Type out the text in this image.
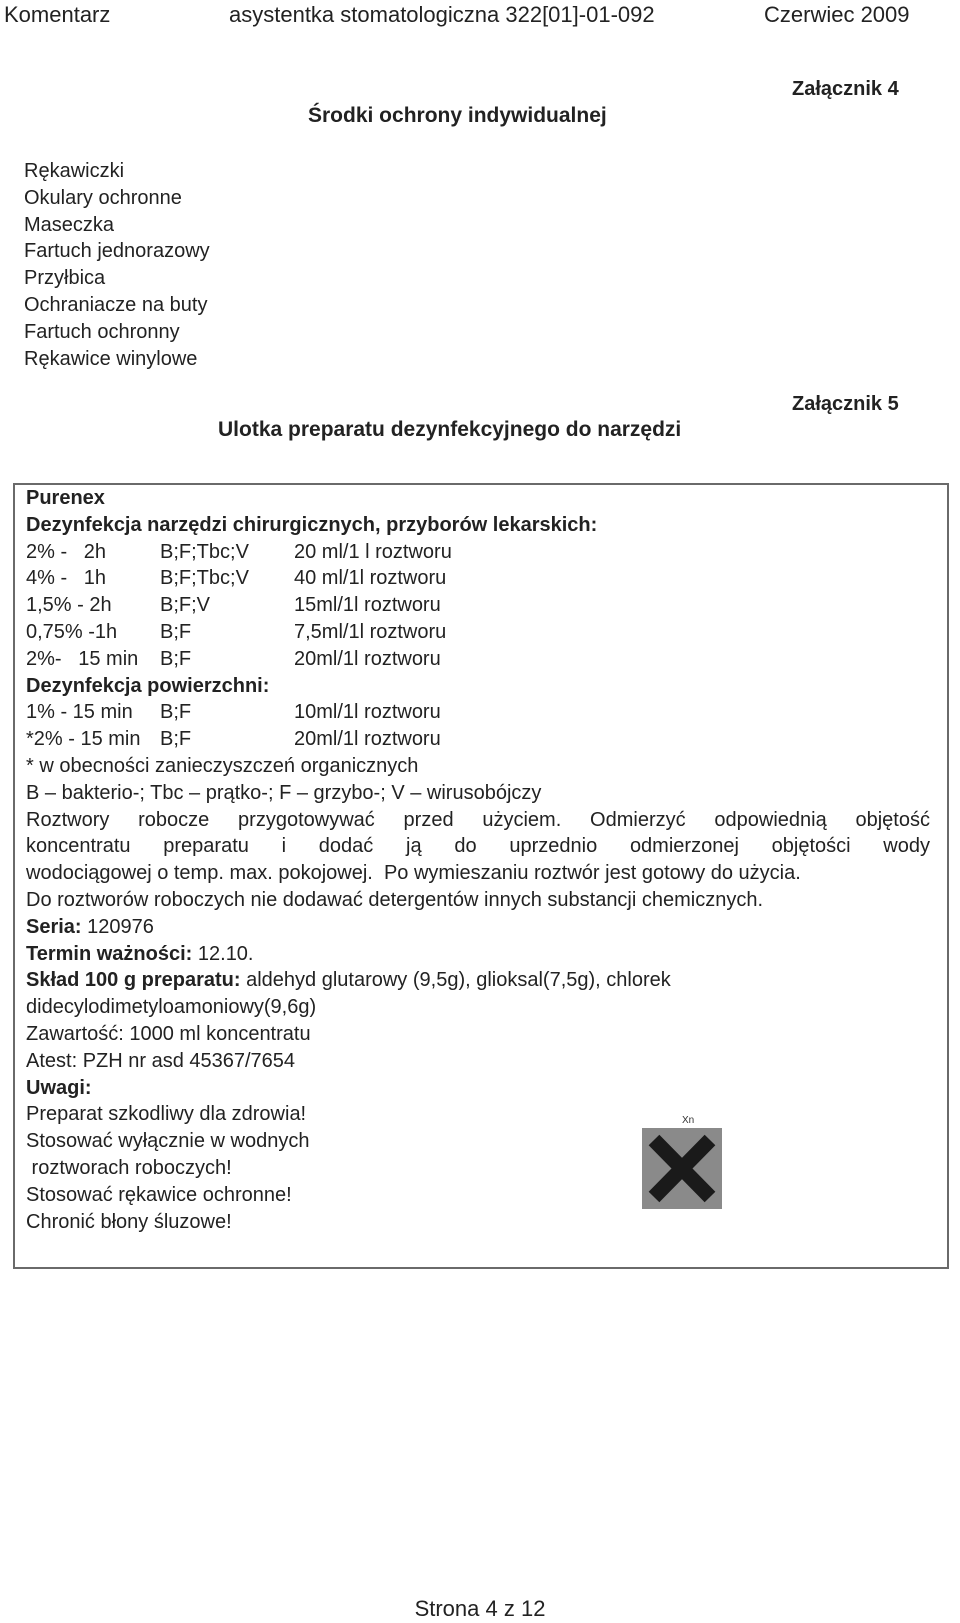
Komentarz	asystentka stomatologiczna 322[01]-01-092	Czerwiec 2009
Załącznik 4
Środki ochrony indywidualnej
Rękawiczki
Okulary ochronne
Maseczka
Fartuch jednorazowy
Przyłbica
Ochraniacze na buty
Fartuch ochronny
Rękawice winylowe
Załącznik 5
Ulotka preparatu dezynfekcyjnego do narzędzi
Purenex
Dezynfekcja narzędzi chirurgicznych, przyborów lekarskich:
2% -   2h	B;F;Tbc;V	20 ml/1 l roztworu
4% -   1h	B;F;Tbc;V	40 ml/1l roztworu
1,5% - 2h	B;F;V	15ml/1l roztworu
0,75% -1h	B;F	7,5ml/1l roztworu
2%-   15 min	B;F	20ml/1l roztworu
Dezynfekcja powierzchni:
1% - 15 min	B;F	10ml/1l roztworu
*2% - 15 min B;F	20ml/1l roztworu
* w obecności zanieczyszczeń organicznych
B – bakterio-; Tbc – prątko-; F – grzybo-; V – wirusobójczy
Roztwory robocze przygotowywać przed użyciem. Odmierzyć odpowiednią objętość
koncentratu preparatu i dodać ją do uprzednio odmierzonej objętości wody
wodociągowej o temp. max. pokojowej.  Po wymieszaniu roztwór jest gotowy do użycia.
Do roztworów roboczych nie dodawać detergentów innych substancji chemicznych.
Seria: 120976
Termin ważności: 12.10.
Skład 100 g preparatu: aldehyd glutarowy (9,5g), glioksal(7,5g), chlorek
didecylodimetyloamoniowy(9,6g)
Zawartość: 1000 ml koncentratu
Atest: PZH nr asd 45367/7654
Uwagi:
Preparat szkodliwy dla zdrowia!
Stosować wyłącznie w wodnych
roztworach roboczych!
Stosować rękawice ochronne!
Chronić błony śluzowe!
Xn
Strona 4 z 12
